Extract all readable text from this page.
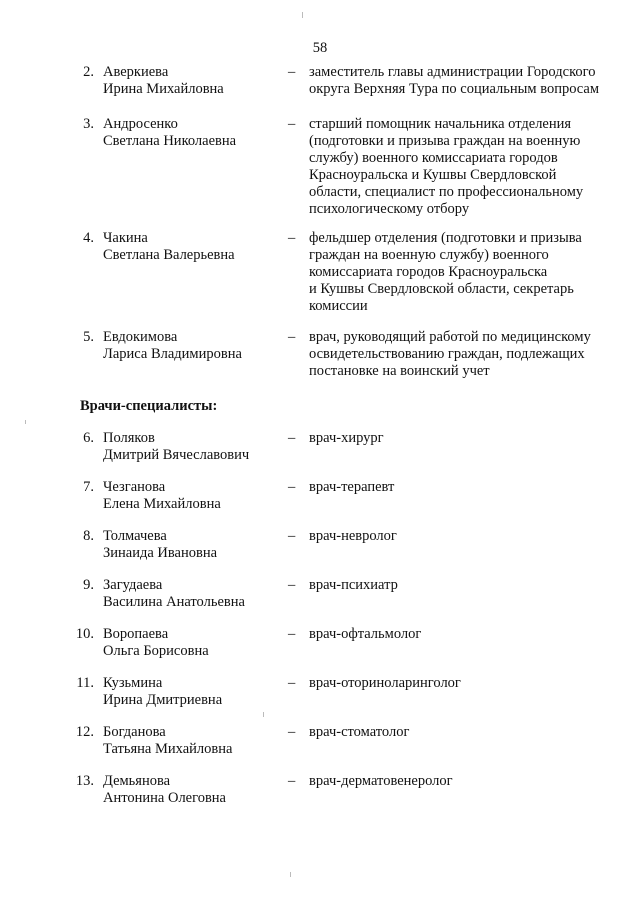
58
2. Аверкиева
Ирина Михайловна
– заместитель главы администрации Городского
округа Верхняя Тура по социальным вопросам
3. Андросенко
Светлана Николаевна
– старший помощник начальника отделения
(подготовки и призыва граждан на военную
службу) военного комиссариата городов
Красноуральска и Кушвы Свердловской
области, специалист по профессиональному
психологическому отбору
4. Чакина
Светлана Валерьевна
– фельдшер отделения (подготовки и призыва
граждан на военную службу) военного
комиссариата городов Красноуральска
и Кушвы Свердловской области, секретарь
комиссии
5. Евдокимова
Лариса Владимировна
– врач, руководящий работой по медицинскому
освидетельствованию граждан, подлежащих
постановке на воинский учет
Врачи-специалисты:
6. Поляков
Дмитрий Вячеславович
– врач-хирург
7. Чезганова
Елена Михайловна
– врач-терапевт
8. Толмачева
Зинаида Ивановна
– врач-невролог
9. Загудаева
Василина Анатольевна
– врач-психиатр
10. Воропаева
Ольга Борисовна
– врач-офтальмолог
11. Кузьмина
Ирина Дмитриевна
– врач-оториноларинголог
12. Богданова
Татьяна Михайловна
– врач-стоматолог
13. Демьянова
Антонина Олеговна
– врач-дерматовенеролог
